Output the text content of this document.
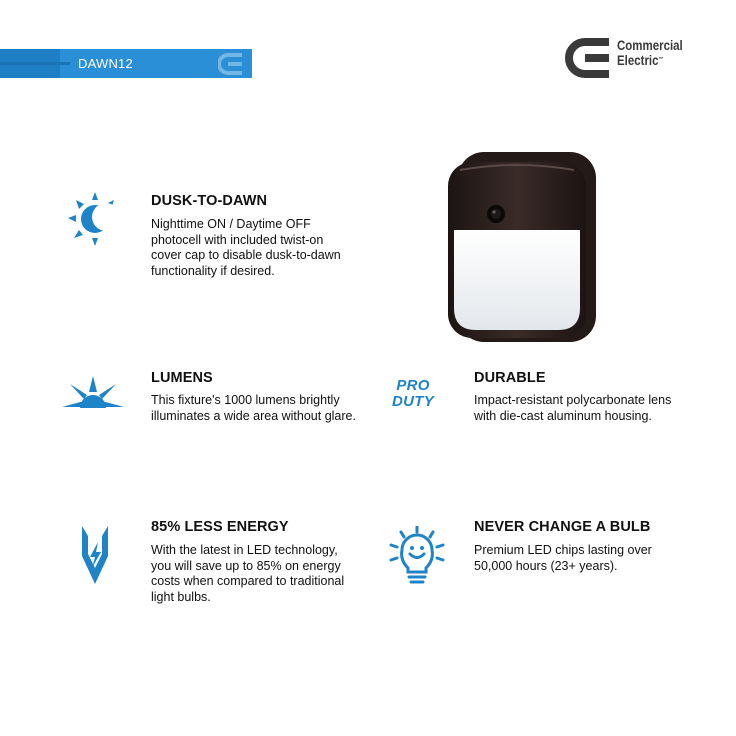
DAWN12
Commercial
Electric™
DUSK-TO-DAWN
Nighttime ON / Daytime OFF photocell with included twist-on cover cap to disable dusk-to-dawn functionality if desired.
LUMENS
This fixture's 1000 lumens brightly illuminates a wide area without glare.
PRO
DUTY
DURABLE
Impact-resistant polycarbonate lens with die-cast aluminum housing.
85% LESS ENERGY
With the latest in LED technology, you will save up to 85% on energy costs when compared to traditional light bulbs.
NEVER CHANGE A BULB
Premium LED chips lasting over 50,000 hours (23+ years).
